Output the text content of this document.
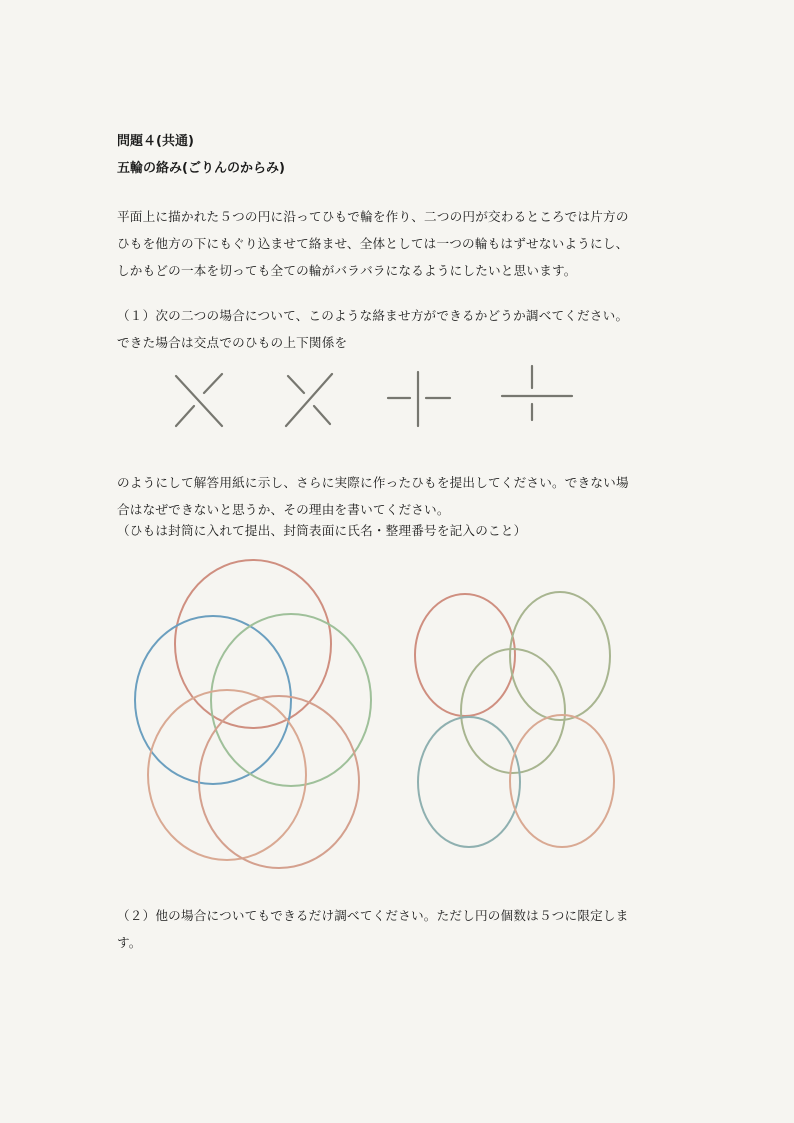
問題４(共通)
五輪の絡み(ごりんのからみ)
平面上に描かれた５つの円に沿ってひもで輪を作り、二つの円が交わるところでは片方の
ひもを他方の下にもぐり込ませて絡ませ、全体としては一つの輪もはずせないようにし、
しかもどの一本を切っても全ての輪がバラバラになるようにしたいと思います。
（１）次の二つの場合について、このような絡ませ方ができるかどうか調べてください。
できた場合は交点でのひもの上下関係を
のようにして解答用紙に示し、さらに実際に作ったひもを提出してください。できない場
合はなぜできないと思うか、その理由を書いてください。
（ひもは封筒に入れて提出、封筒表面に氏名・整理番号を記入のこと）
（２）他の場合についてもできるだけ調べてください。ただし円の個数は５つに限定しま
す。
